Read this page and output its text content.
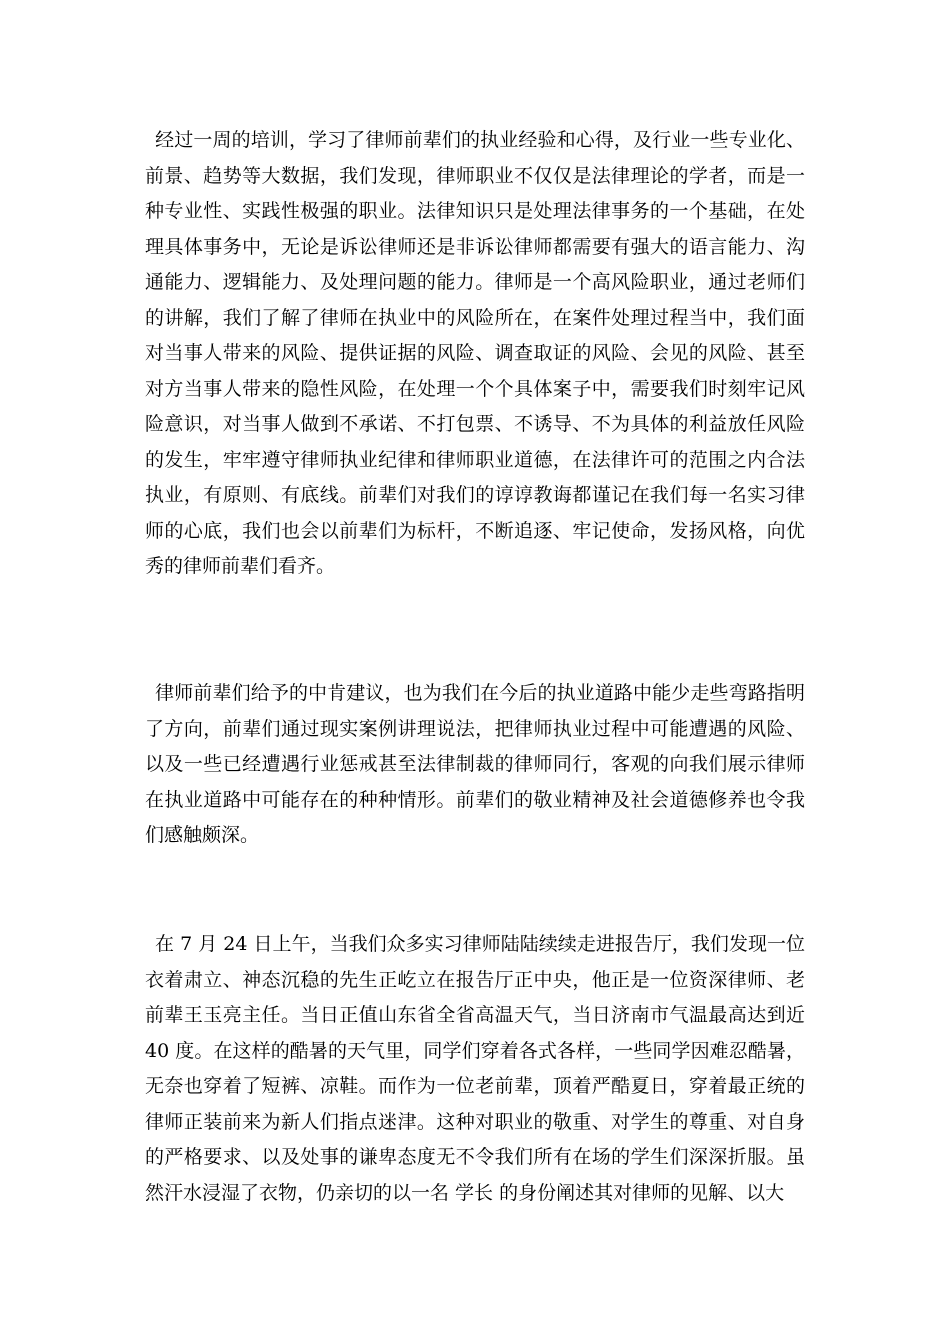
经过一周的培训，学习了律师前辈们的执业经验和心得，及行业一些专业化、前景、趋势等大数据，我们发现，律师职业不仅仅是法律理论的学者，而是一种专业性、实践性极强的职业。法律知识只是处理法律事务的一个基础，在处理具体事务中，无论是诉讼律师还是非诉讼律师都需要有强大的语言能力、沟通能力、逻辑能力、及处理问题的能力。律师是一个高风险职业，通过老师们的讲解，我们了解了律师在执业中的风险所在，在案件处理过程当中，我们面对当事人带来的风险、提供证据的风险、调查取证的风险、会见的风险、甚至对方当事人带来的隐性风险，在处理一个个具体案子中，需要我们时刻牢记风险意识，对当事人做到不承诺、不打包票、不诱导、不为具体的利益放任风险的发生，牢牢遵守律师执业纪律和律师职业道德，在法律许可的范围之内合法执业，有原则、有底线。前辈们对我们的谆谆教诲都谨记在我们每一名实习律师的心底，我们也会以前辈们为标杆，不断追逐、牢记使命，发扬风格，向优秀的律师前辈们看齐。

律师前辈们给予的中肯建议，也为我们在今后的执业道路中能少走些弯路指明了方向，前辈们通过现实案例讲理说法，把律师执业过程中可能遭遇的风险、以及一些已经遭遇行业惩戒甚至法律制裁的律师同行，客观的向我们展示律师在执业道路中可能存在的种种情形。前辈们的敬业精神及社会道德修养也令我们感触颇深。

在 7 月 24 日上午，当我们众多实习律师陆陆续续走进报告厅，我们发现一位衣着肃立、神态沉稳的先生正屹立在报告厅正中央，他正是一位资深律师、老前辈王玉亮主任。当日正值山东省全省高温天气，当日济南市气温最高达到近 40 度。在这样的酷暑的天气里，同学们穿着各式各样，一些同学因难忍酷暑，无奈也穿着了短裤、凉鞋。而作为一位老前辈，顶着严酷夏日，穿着最正统的律师正装前来为新人们指点迷津。这种对职业的敬重、对学生的尊重、对自身的严格要求、以及处事的谦卑态度无不令我们所有在场的学生们深深折服。虽然汗水浸湿了衣物，仍亲切的以一名 学长 的身份阐述其对律师的见解、以大
